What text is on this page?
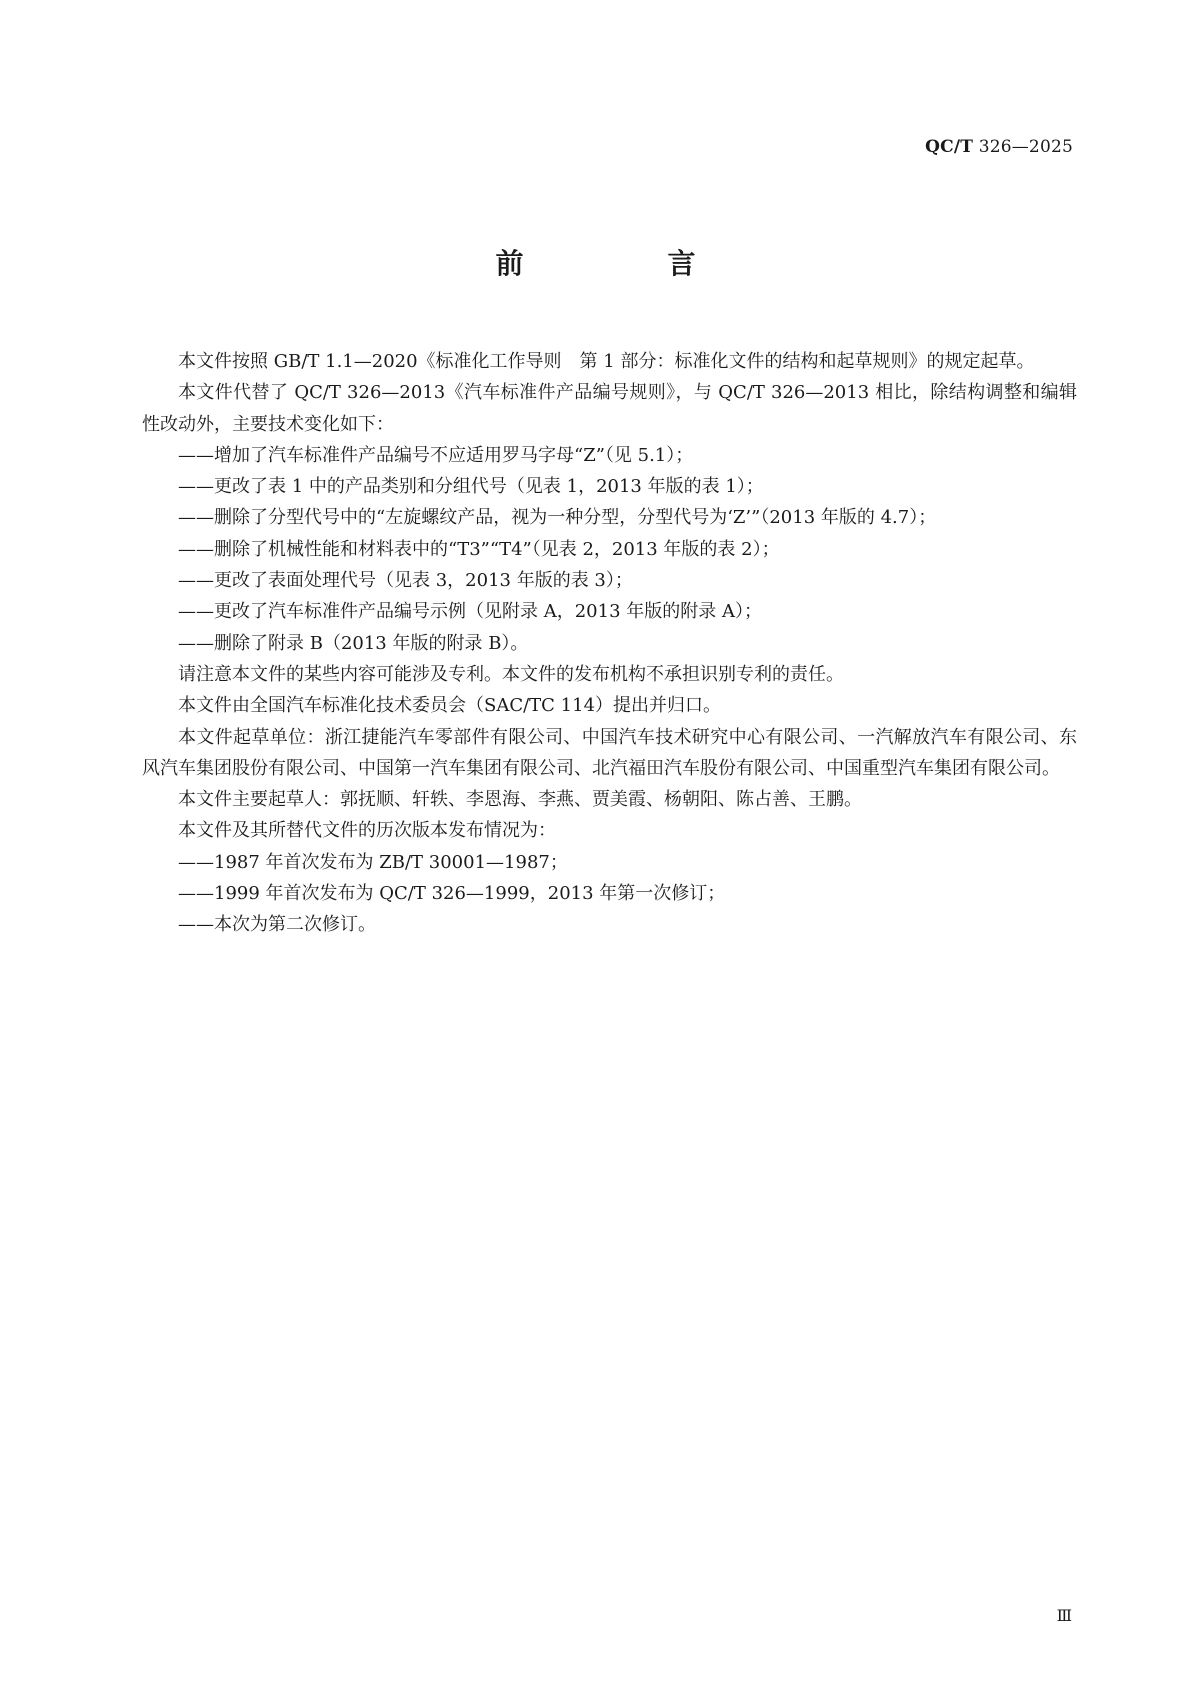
QC/T 326—2025
前　言

本文件按照 GB/T 1.1—2020《标准化工作导则　第 1 部分：标准化文件的结构和起草规则》的规定起草。

本文件代替了 QC/T 326—2013《汽车标准件产品编号规则》，与 QC/T 326—2013 相比，除结构调整和编辑性改动外，主要技术变化如下：

——增加了汽车标准件产品编号不应适用罗马字母“Z”（见 5.1）；

——更改了表 1 中的产品类别和分组代号（见表 1，2013 年版的表 1）；

——删除了分型代号中的“左旋螺纹产品，视为一种分型，分型代号为‘Z’”（2013 年版的 4.7）；

——删除了机械性能和材料表中的“T3”“T4”（见表 2，2013 年版的表 2）；

——更改了表面处理代号（见表 3，2013 年版的表 3）；

——更改了汽车标准件产品编号示例（见附录 A，2013 年版的附录 A）；

——删除了附录 B（2013 年版的附录 B）。

请注意本文件的某些内容可能涉及专利。本文件的发布机构不承担识别专利的责任。

本文件由全国汽车标准化技术委员会（SAC/TC 114）提出并归口。

本文件起草单位：浙江捷能汽车零部件有限公司、中国汽车技术研究中心有限公司、一汽解放汽车有限公司、东风汽车集团股份有限公司、中国第一汽车集团有限公司、北汽福田汽车股份有限公司、中国重型汽车集团有限公司。

本文件主要起草人：郭抚顺、轩轶、李恩海、李燕、贾美霞、杨朝阳、陈占善、王鹏。

本文件及其所替代文件的历次版本发布情况为：

——1987 年首次发布为 ZB/T 30001—1987；

——1999 年首次发布为 QC/T 326—1999，2013 年第一次修订；

——本次为第二次修订。

Ⅲ
